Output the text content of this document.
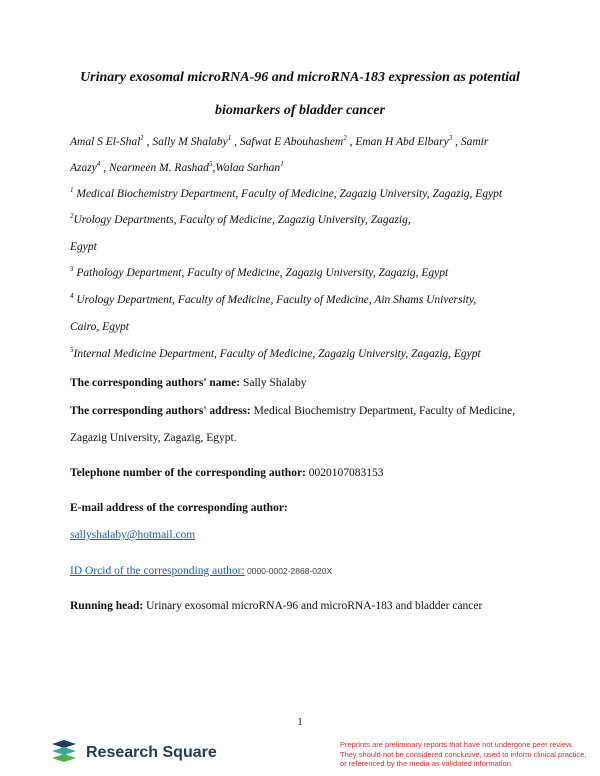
Urinary exosomal microRNA-96 and microRNA-183 expression as potential
biomarkers of bladder cancer
Amal S El-Shal$^1$ , Sally M Shalaby$^1$ , Safwat E Abouhashem$^2$ , Eman H Abd Elbary$^3$ , Samir
Azazy$^4$ , Nearmeen M. Rashad$^5$,Walaa Sarhan$^1$
$^1$ Medical Biochemistry Department, Faculty of Medicine, Zagazig University, Zagazig, Egypt
$^2$Urology Departments, Faculty of Medicine, Zagazig University, Zagazig,
Egypt
$^3$ Pathology Department, Faculty of Medicine, Zagazig University, Zagazig, Egypt
$^4$ Urology Department, Faculty of Medicine, Faculty of Medicine, Ain Shams University,
Cairo, Egypt
$^5$Internal Medicine Department, Faculty of Medicine, Zagazig University, Zagazig, Egypt
The corresponding authors' name: Sally Shalaby
The corresponding authors' address: Medical Biochemistry Department, Faculty of Medicine,
Zagazig University, Zagazig, Egypt.
Telephone number of the corresponding author: 0020107083153
E-mail address of the corresponding author:
sallyshalaby@hotmail.com
ID Orcid of the corresponding author: 0000-0002-2868-020X
Running head: Urinary exosomal microRNA-96 and microRNA-183 and bladder cancer
1
Research Square	Preprints are preliminary reports that have not undergone peer review. They should not be considered conclusive, used to inform clinical practice, or referenced by the media as validated information.
